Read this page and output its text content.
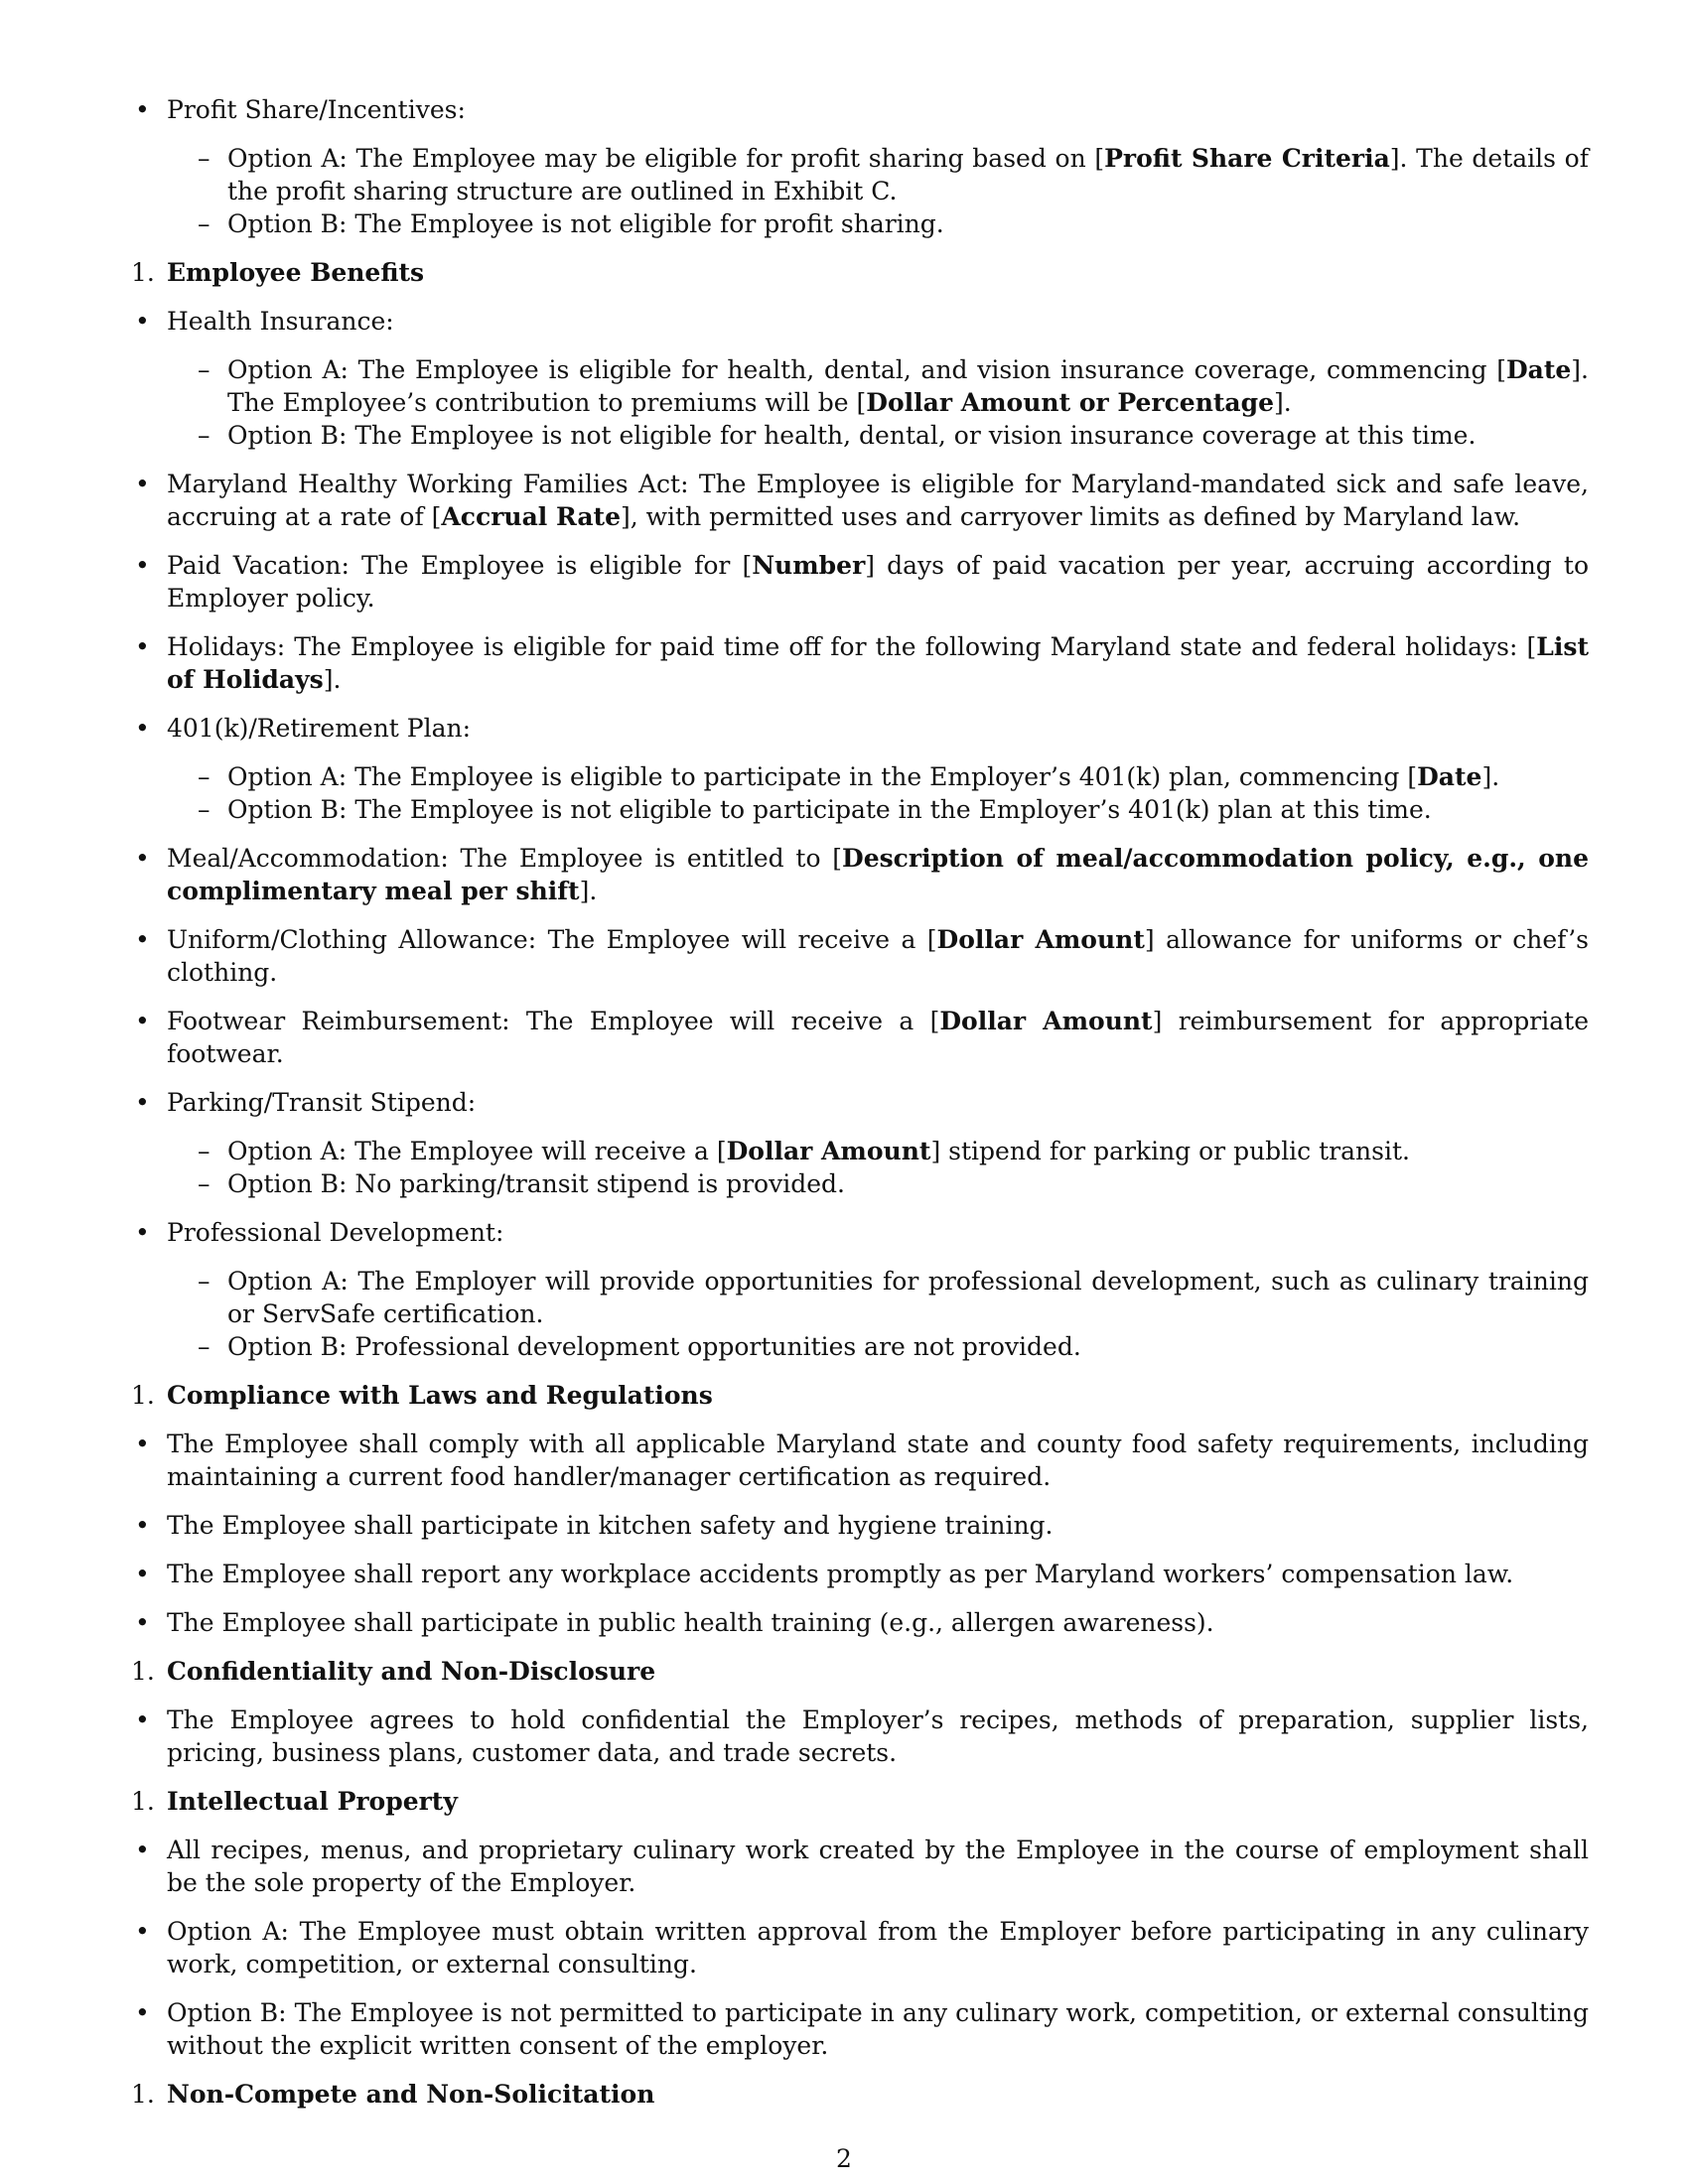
• Profit Share/Incentives:
– Option A: The Employee may be eligible for profit sharing based on [Profit Share Criteria]. The details of the profit sharing structure are outlined in Exhibit C.
– Option B: The Employee is not eligible for profit sharing.
1. Employee Benefits
• Health Insurance:
– Option A: The Employee is eligible for health, dental, and vision insurance coverage, commencing [Date]. The Employee’s contribution to premiums will be [Dollar Amount or Percentage].
– Option B: The Employee is not eligible for health, dental, or vision insurance coverage at this time.
• Maryland Healthy Working Families Act: The Employee is eligible for Maryland-mandated sick and safe leave, accruing at a rate of [Accrual Rate], with permitted uses and carryover limits as defined by Maryland law.
• Paid Vacation: The Employee is eligible for [Number] days of paid vacation per year, accruing according to Employer policy.
• Holidays: The Employee is eligible for paid time off for the following Maryland state and federal holidays: [List of Holidays].
• 401(k)/Retirement Plan:
– Option A: The Employee is eligible to participate in the Employer’s 401(k) plan, commencing [Date].
– Option B: The Employee is not eligible to participate in the Employer’s 401(k) plan at this time.
• Meal/Accommodation: The Employee is entitled to [Description of meal/accommodation policy, e.g., one complimentary meal per shift].
• Uniform/Clothing Allowance: The Employee will receive a [Dollar Amount] allowance for uniforms or chef’s clothing.
• Footwear Reimbursement: The Employee will receive a [Dollar Amount] reimbursement for appropriate footwear.
• Parking/Transit Stipend:
– Option A: The Employee will receive a [Dollar Amount] stipend for parking or public transit.
– Option B: No parking/transit stipend is provided.
• Professional Development:
– Option A: The Employer will provide opportunities for professional development, such as culinary training or ServSafe certification.
– Option B: Professional development opportunities are not provided.
1. Compliance with Laws and Regulations
• The Employee shall comply with all applicable Maryland state and county food safety requirements, including maintaining a current food handler/manager certification as required.
• The Employee shall participate in kitchen safety and hygiene training.
• The Employee shall report any workplace accidents promptly as per Maryland workers’ compensation law.
• The Employee shall participate in public health training (e.g., allergen awareness).
1. Confidentiality and Non-Disclosure
• The Employee agrees to hold confidential the Employer’s recipes, methods of preparation, supplier lists, pricing, business plans, customer data, and trade secrets.
1. Intellectual Property
• All recipes, menus, and proprietary culinary work created by the Employee in the course of employment shall be the sole property of the Employer.
• Option A: The Employee must obtain written approval from the Employer before participating in any culinary work, competition, or external consulting.
• Option B: The Employee is not permitted to participate in any culinary work, competition, or external consulting without the explicit written consent of the employer.
1. Non-Compete and Non-Solicitation
2
